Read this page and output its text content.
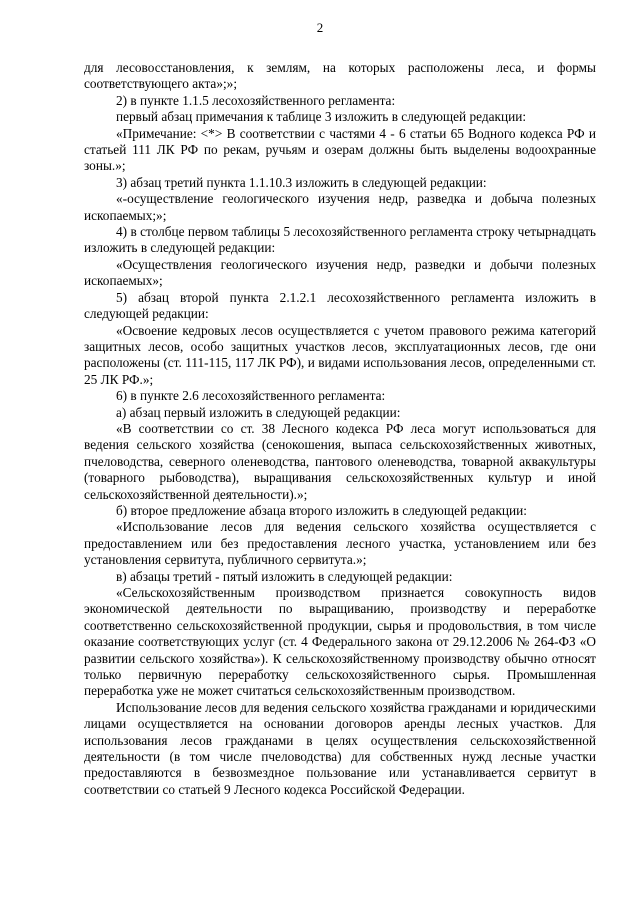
2

для лесовосстановления, к землям, на которых расположены леса, и формы соответствующего акта»;»;

2) в пункте 1.1.5 лесохозяйственного регламента:

первый абзац примечания к таблице 3 изложить в следующей редакции:

«Примечание: <*> В соответствии с частями 4 - 6 статьи 65 Водного кодекса РФ и статьей 111 ЛК РФ по рекам, ручьям и озерам должны быть выделены водоохранные зоны.»;

3) абзац третий пункта 1.1.10.3 изложить в следующей редакции:

«-осуществление геологического изучения недр, разведка и добыча полезных ископаемых;»;

4) в столбце первом таблицы 5 лесохозяйственного регламента строку четырнадцать изложить в следующей редакции:

«Осуществления геологического изучения недр, разведки и добычи полезных ископаемых»;

5) абзац второй пункта 2.1.2.1 лесохозяйственного регламента изложить в следующей редакции:

«Освоение кедровых лесов осуществляется с учетом правового режима категорий защитных лесов, особо защитных участков лесов, эксплуатационных лесов, где они расположены (ст. 111-115, 117 ЛК РФ), и видами использования лесов, определенными ст. 25 ЛК РФ.»;

6) в пункте 2.6 лесохозяйственного регламента:

а) абзац первый изложить в следующей редакции:

«В соответствии со ст. 38 Лесного кодекса РФ леса могут использоваться для ведения сельского хозяйства (сенокошения, выпаса сельскохозяйственных животных, пчеловодства, северного оленеводства, пантового оленеводства, товарной аквакультуры (товарного рыбоводства), выращивания сельскохозяйственных культур и иной сельскохозяйственной деятельности).»;

б) второе предложение абзаца второго изложить в следующей редакции:

«Использование лесов для ведения сельского хозяйства осуществляется с предоставлением или без предоставления лесного участка, установлением или без установления сервитута, публичного сервитута.»;

в) абзацы третий - пятый изложить в следующей редакции:

«Сельскохозяйственным производством признается совокупность видов экономической деятельности по выращиванию, производству и переработке соответственно сельскохозяйственной продукции, сырья и продовольствия, в том числе оказание соответствующих услуг (ст. 4 Федерального закона от 29.12.2006 № 264-ФЗ «О развитии сельского хозяйства»). К сельскохозяйственному производству обычно относят только первичную переработку сельскохозяйственного сырья. Промышленная переработка уже не может считаться сельскохозяйственным производством.

Использование лесов для ведения сельского хозяйства гражданами и юридическими лицами осуществляется на основании договоров аренды лесных участков. Для использования лесов гражданами в целях осуществления сельскохозяйственной деятельности (в том числе пчеловодства) для собственных нужд лесные участки предоставляются в безвозмездное пользование или устанавливается сервитут в соответствии со статьей 9 Лесного кодекса Российской Федерации.
